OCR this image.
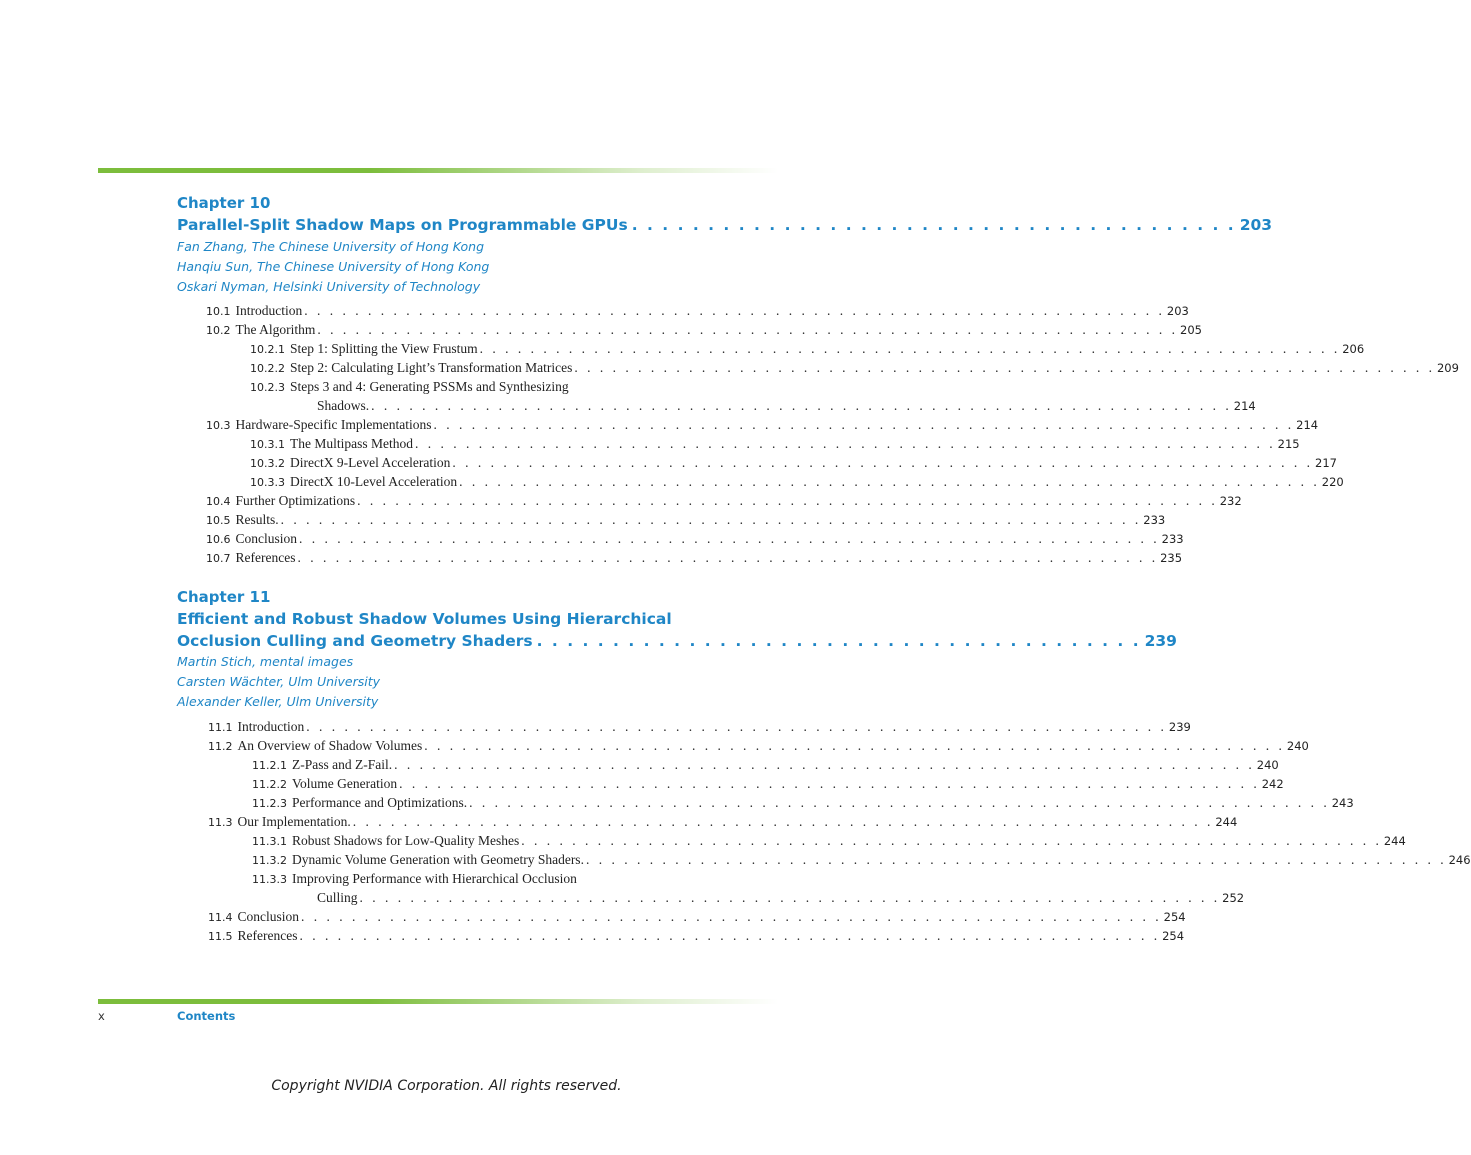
Chapter 10
Parallel-Split Shadow Maps on Programmable GPUs . . . . . . . . . . . . . . . . . . . . . . . . . . . . . . . . . . . . . . . . 203
Fan Zhang, The Chinese University of Hong Kong
Hanqiu Sun, The Chinese University of Hong Kong
Oskari Nyman, Helsinki University of Technology
10.1 Introduction . . . . . . . . . . . . . . . . . . . . . . . . . . . . . . . . . . . . . . . . . . . . . . . . . . . . . . . . . . . . . . . . . . . . 203
10.2 The Algorithm . . . . . . . . . . . . . . . . . . . . . . . . . . . . . . . . . . . . . . . . . . . . . . . . . . . . . . . . . . . . . . . . . . . . 205
10.2.1 Step 1: Splitting the View Frustum . . . . . . . . . . . . . . . . . . . . . . . . . . . . . . . . . . . . . . . . . . . . . . . . . . . . . . . . . . . . . . . . . . . . 206
10.2.2 Step 2: Calculating Light’s Transformation Matrices . . . . . . . . . . . . . . . . . . . . . . . . . . . . . . . . . . . . . . . . . . . . . . . . . . . . . . . . . . . . . . . . . . . . 209
10.2.3 Steps 3 and 4: Generating PSSMs and Synthesizing
Shadows. . . . . . . . . . . . . . . . . . . . . . . . . . . . . . . . . . . . . . . . . . . . . . . . . . . . . . . . . . . . . . . . . . . . . 214
10.3 Hardware-Specific Implementations . . . . . . . . . . . . . . . . . . . . . . . . . . . . . . . . . . . . . . . . . . . . . . . . . . . . . . . . . . . . . . . . . . . . 214
10.3.1 The Multipass Method . . . . . . . . . . . . . . . . . . . . . . . . . . . . . . . . . . . . . . . . . . . . . . . . . . . . . . . . . . . . . . . . . . . . 215
10.3.2 DirectX 9-Level Acceleration . . . . . . . . . . . . . . . . . . . . . . . . . . . . . . . . . . . . . . . . . . . . . . . . . . . . . . . . . . . . . . . . . . . . 217
10.3.3 DirectX 10-Level Acceleration . . . . . . . . . . . . . . . . . . . . . . . . . . . . . . . . . . . . . . . . . . . . . . . . . . . . . . . . . . . . . . . . . . . . 220
10.4 Further Optimizations . . . . . . . . . . . . . . . . . . . . . . . . . . . . . . . . . . . . . . . . . . . . . . . . . . . . . . . . . . . . . . . . . . . . 232
10.5 Results. . . . . . . . . . . . . . . . . . . . . . . . . . . . . . . . . . . . . . . . . . . . . . . . . . . . . . . . . . . . . . . . . . . . . 233
10.6 Conclusion . . . . . . . . . . . . . . . . . . . . . . . . . . . . . . . . . . . . . . . . . . . . . . . . . . . . . . . . . . . . . . . . . . . . 233
10.7 References . . . . . . . . . . . . . . . . . . . . . . . . . . . . . . . . . . . . . . . . . . . . . . . . . . . . . . . . . . . . . . . . . . . . 235
Chapter 11
Efficient and Robust Shadow Volumes Using Hierarchical
Occlusion Culling and Geometry Shaders . . . . . . . . . . . . . . . . . . . . . . . . . . . . . . . . . . . . . . . . 239
Martin Stich, mental images
Carsten Wächter, Ulm University
Alexander Keller, Ulm University
11.1 Introduction . . . . . . . . . . . . . . . . . . . . . . . . . . . . . . . . . . . . . . . . . . . . . . . . . . . . . . . . . . . . . . . . . . . . 239
11.2 An Overview of Shadow Volumes . . . . . . . . . . . . . . . . . . . . . . . . . . . . . . . . . . . . . . . . . . . . . . . . . . . . . . . . . . . . . . . . . . . . 240
11.2.1 Z-Pass and Z-Fail. . . . . . . . . . . . . . . . . . . . . . . . . . . . . . . . . . . . . . . . . . . . . . . . . . . . . . . . . . . . . . . . . . . . . 240
11.2.2 Volume Generation . . . . . . . . . . . . . . . . . . . . . . . . . . . . . . . . . . . . . . . . . . . . . . . . . . . . . . . . . . . . . . . . . . . . 242
11.2.3 Performance and Optimizations. . . . . . . . . . . . . . . . . . . . . . . . . . . . . . . . . . . . . . . . . . . . . . . . . . . . . . . . . . . . . . . . . . . . . 243
11.3 Our Implementation. . . . . . . . . . . . . . . . . . . . . . . . . . . . . . . . . . . . . . . . . . . . . . . . . . . . . . . . . . . . . . . . . . . . . 244
11.3.1 Robust Shadows for Low-Quality Meshes . . . . . . . . . . . . . . . . . . . . . . . . . . . . . . . . . . . . . . . . . . . . . . . . . . . . . . . . . . . . . . . . . . . . 244
11.3.2 Dynamic Volume Generation with Geometry Shaders. . . . . . . . . . . . . . . . . . . . . . . . . . . . . . . . . . . . . . . . . . . . . . . . . . . . . . . . . . . . . . . . . . . . . 246
11.3.3 Improving Performance with Hierarchical Occlusion
Culling . . . . . . . . . . . . . . . . . . . . . . . . . . . . . . . . . . . . . . . . . . . . . . . . . . . . . . . . . . . . . . . . . . . . 252
11.4 Conclusion . . . . . . . . . . . . . . . . . . . . . . . . . . . . . . . . . . . . . . . . . . . . . . . . . . . . . . . . . . . . . . . . . . . . 254
11.5 References . . . . . . . . . . . . . . . . . . . . . . . . . . . . . . . . . . . . . . . . . . . . . . . . . . . . . . . . . . . . . . . . . . . . 254
x	Contents
Copyright NVIDIA Corporation. All rights reserved.
